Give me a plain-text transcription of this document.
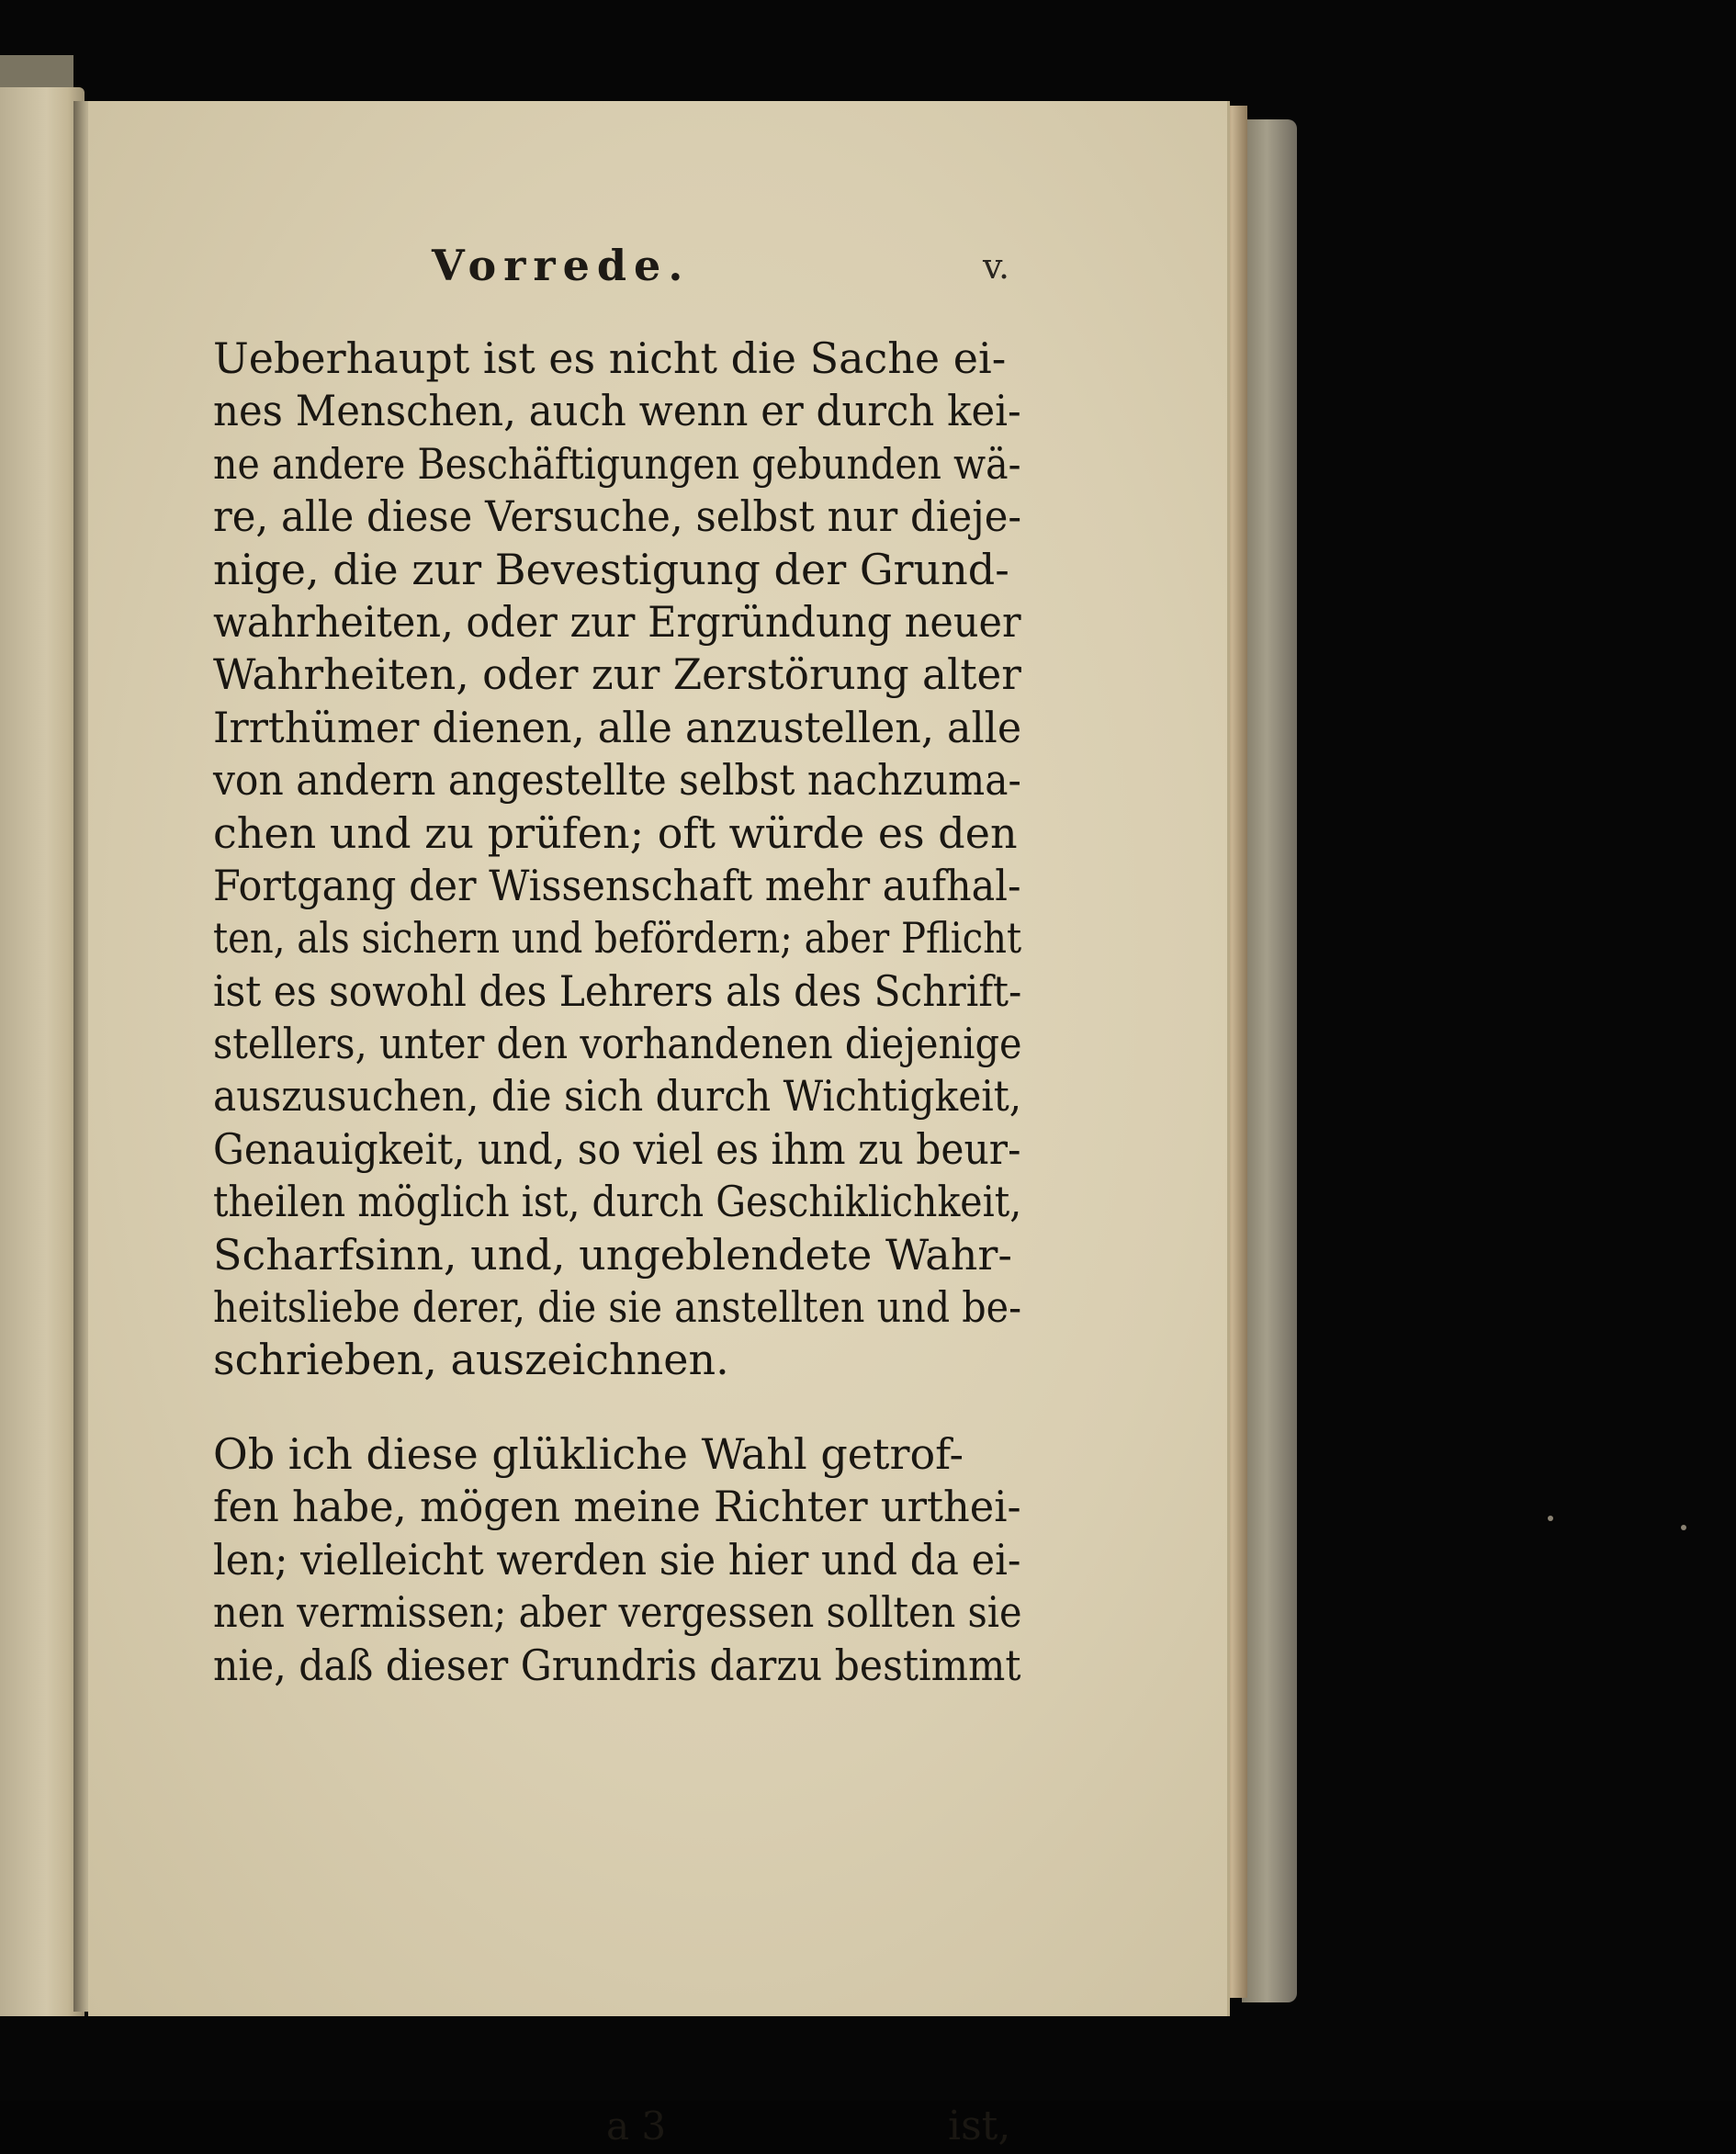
Vorrede.	v.
Ueberhaupt ist es nicht die Sache ei-
nes Menschen, auch wenn er durch kei-
ne andere Beschäftigungen gebunden wä-
re, alle diese Versuche, selbst nur dieje-
nige, die zur Bevestigung der Grund-
wahrheiten, oder zur Ergründung neuer
Wahrheiten, oder zur Zerstörung alter
Irrthümer dienen, alle anzustellen, alle
von andern angestellte selbst nachzuma-
chen und zu prüfen; oft würde es den
Fortgang der Wissenschaft mehr aufhal-
ten, als sichern und befördern; aber Pflicht
ist es sowohl des Lehrers als des Schrift-
stellers, unter den vorhandenen diejenige
auszusuchen, die sich durch Wichtigkeit,
Genauigkeit, und, so viel es ihm zu beur-
theilen möglich ist, durch Geschiklichkeit,
Scharfsinn, und, ungeblendete Wahr-
heitsliebe derer, die sie anstellten und be-
schrieben, auszeichnen.
Ob ich diese glükliche Wahl getrof-
fen habe, mögen meine Richter urthei-
len; vielleicht werden sie hier und da ei-
nen vermissen; aber vergessen sollten sie
nie, daß dieser Grundris darzu bestimmt
a 3	ist,
